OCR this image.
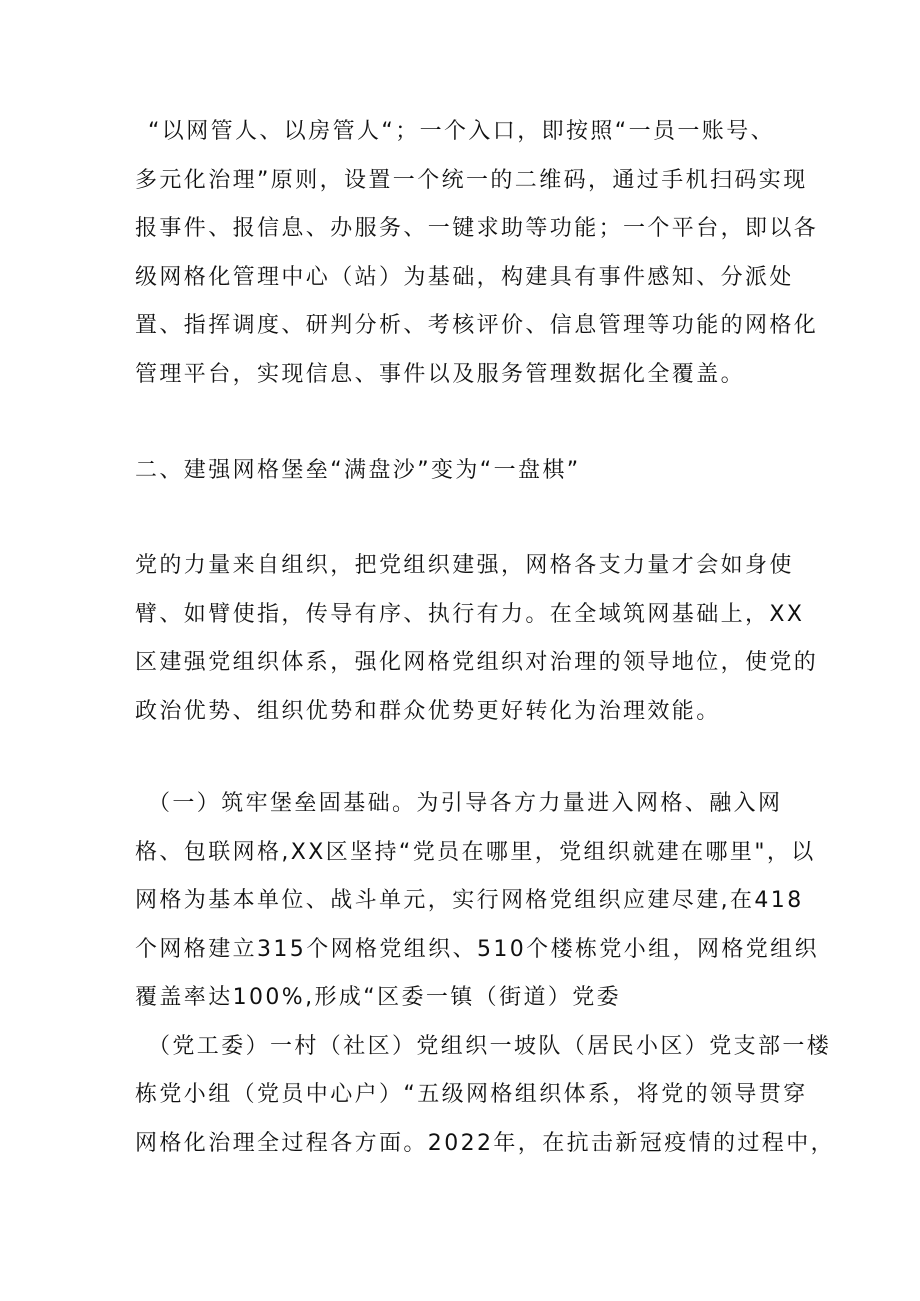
“以网管人、以房管人“；一个入口，即按照“一员一账号、
多元化治理”原则，设置一个统一的二维码，通过手机扫码实现
报事件、报信息、办服务、一键求助等功能；一个平台，即以各
级网格化管理中心（站）为基础，构建具有事件感知、分派处
置、指挥调度、研判分析、考核评价、信息管理等功能的网格化
管理平台，实现信息、事件以及服务管理数据化全覆盖。
二、建强网格堡垒“满盘沙”变为“一盘棋”
党的力量来自组织，把党组织建强，网格各支力量才会如身使
臂、如臂使指，传导有序、执行有力。在全域筑网基础上，XX
区建强党组织体系，强化网格党组织对治理的领导地位，使党的
政治优势、组织优势和群众优势更好转化为治理效能。
（一）筑牢堡垒固基础。为引导各方力量进入网格、融入网
格、包联网格,XX区坚持“党员在哪里，党组织就建在哪里"，以
网格为基本单位、战斗单元，实行网格党组织应建尽建,在418
个网格建立315个网格党组织、510个楼栋党小组，网格党组织
覆盖率达100%,形成“区委一镇（街道）党委
（党工委）一村（社区）党组织一坡队（居民小区）党支部一楼
栋党小组（党员中心户）“五级网格组织体系，将党的领导贯穿
网格化治理全过程各方面。2022年，在抗击新冠疫情的过程中，
